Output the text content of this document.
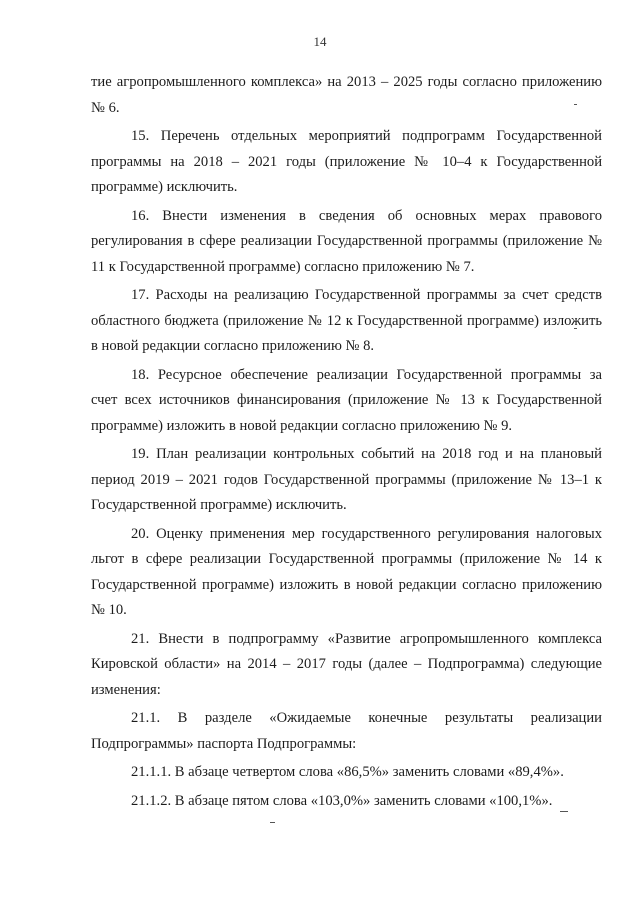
14

тие агропромышленного комплекса» на 2013 – 2025 годы согласно приложению № 6.

15. Перечень отдельных мероприятий подпрограмм Государственной программы на 2018 – 2021 годы (приложение № 10–4 к Государственной программе) исключить.

16. Внести изменения в сведения об основных мерах правового регулирования в сфере реализации Государственной программы (приложение № 11 к Государственной программе) согласно приложению № 7.

17. Расходы на реализацию Государственной программы за счет средств областного бюджета (приложение № 12 к Государственной программе) изложить в новой редакции согласно приложению № 8.

18. Ресурсное обеспечение реализации Государственной программы за счет всех источников финансирования (приложение № 13 к Государственной программе) изложить в новой редакции согласно приложению № 9.

19. План реализации контрольных событий на 2018 год и на плановый период 2019 – 2021 годов Государственной программы (приложение № 13–1 к Государственной программе) исключить.

20. Оценку применения мер государственного регулирования налоговых льгот в сфере реализации Государственной программы (приложение № 14 к Государственной программе) изложить в новой редакции согласно приложению № 10.

21. Внести в подпрограмму «Развитие агропромышленного комплекса Кировской области» на 2014 – 2017 годы (далее – Подпрограмма) следующие изменения:

21.1. В разделе «Ожидаемые конечные результаты реализации Подпрограммы» паспорта Подпрограммы:

21.1.1. В абзаце четвертом слова «86,5%» заменить словами «89,4%».

21.1.2. В абзаце пятом слова «103,0%» заменить словами «100,1%».
